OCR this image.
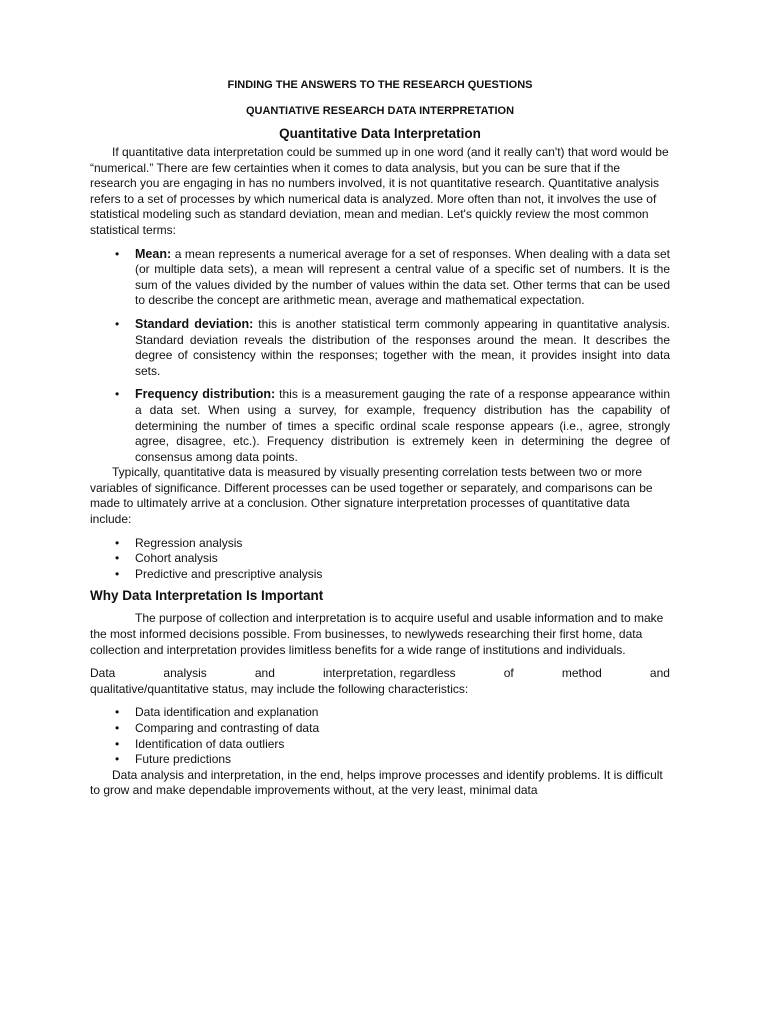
FINDING THE ANSWERS TO THE RESEARCH QUESTIONS

QUANTIATIVE RESEARCH DATA INTERPRETATION

Quantitative Data Interpretation

If quantitative data interpretation could be summed up in one word (and it really can't) that word would be “numerical.” There are few certainties when it comes to data analysis, but you can be sure that if the research you are engaging in has no numbers involved, it is not quantitative research. Quantitative analysis refers to a set of processes by which numerical data is analyzed. More often than not, it involves the use of statistical modeling such as standard deviation, mean and median. Let's quickly review the most common statistical terms:

• Mean: a mean represents a numerical average for a set of responses. When dealing with a data set (or multiple data sets), a mean will represent a central value of a specific set of numbers. It is the sum of the values divided by the number of values within the data set. Other terms that can be used to describe the concept are arithmetic mean, average and mathematical expectation.
• Standard deviation: this is another statistical term commonly appearing in quantitative analysis. Standard deviation reveals the distribution of the responses around the mean. It describes the degree of consistency within the responses; together with the mean, it provides insight into data sets.
• Frequency distribution: this is a measurement gauging the rate of a response appearance within a data set. When using a survey, for example, frequency distribution has the capability of determining the number of times a specific ordinal scale response appears (i.e., agree, strongly agree, disagree, etc.). Frequency distribution is extremely keen in determining the degree of consensus among data points.

Typically, quantitative data is measured by visually presenting correlation tests between two or more variables of significance. Different processes can be used together or separately, and comparisons can be made to ultimately arrive at a conclusion. Other signature interpretation processes of quantitative data include:

• Regression analysis
• Cohort analysis
• Predictive and prescriptive analysis

Why Data Interpretation Is Important

The purpose of collection and interpretation is to acquire useful and usable information and to make the most informed decisions possible. From businesses, to newlyweds researching their first home, data collection and interpretation provides limitless benefits for a wide range of institutions and individuals.

Data	analysis	and	interpretation, regardless	of	method	and

qualitative/quantitative status, may include the following characteristics:

• Data identification and explanation
• Comparing and contrasting of data
• Identification of data outliers
• Future predictions

Data analysis and interpretation, in the end, helps improve processes and identify problems. It is difficult to grow and make dependable improvements without, at the very least, minimal data
